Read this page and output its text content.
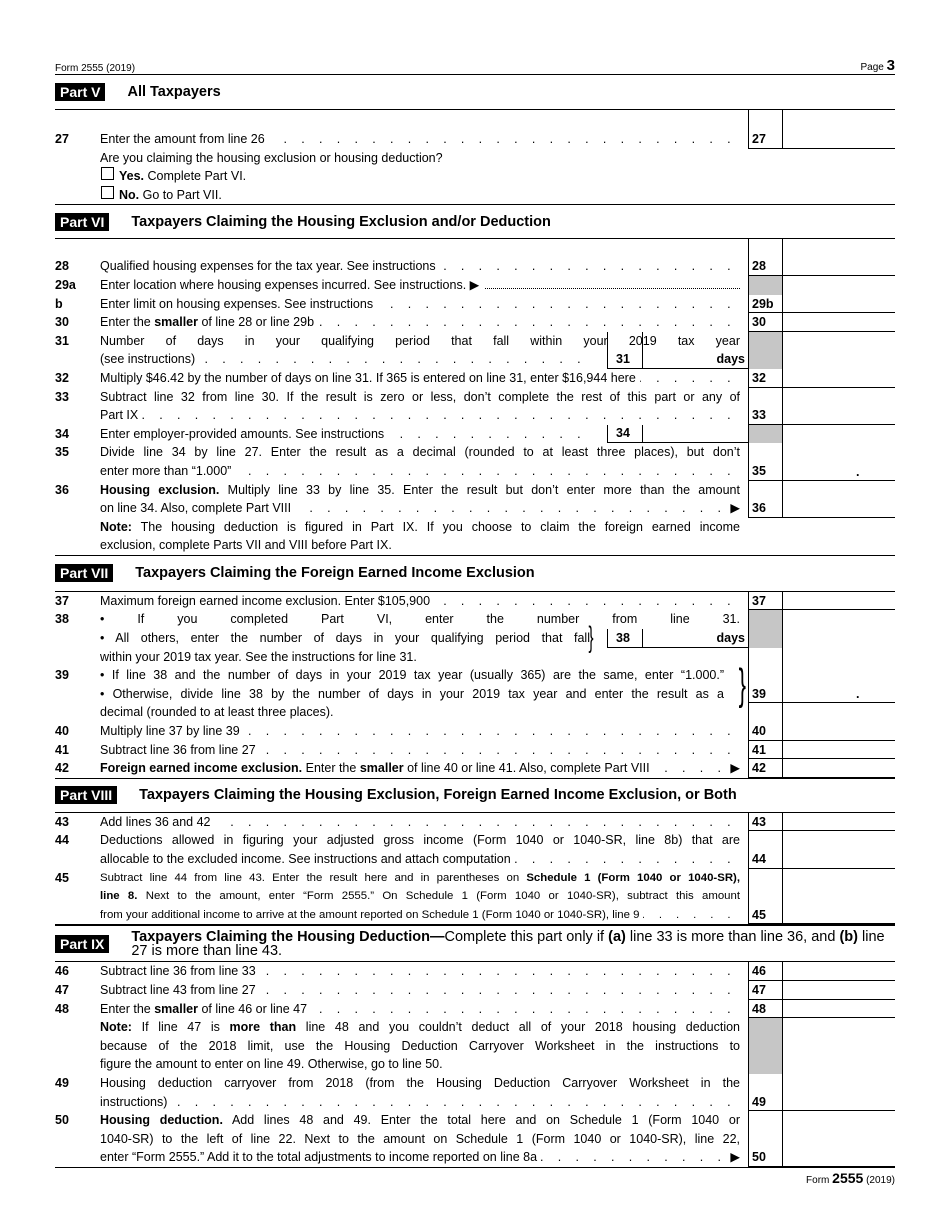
Form 2555 (2019)	Page 3
Part V	All Taxpayers
27	Enter the amount from line 26 . . .	27
Are you claiming the housing exclusion or housing deduction?
Yes. Complete Part VI.
No. Go to Part VII.
Part VI	Taxpayers Claiming the Housing Exclusion and/or Deduction
28	Qualified housing expenses for the tax year. See instructions . . .	28
29a	Enter location where housing expenses incurred. See instructions. ▶
b	Enter limit on housing expenses. See instructions . . .	29b
30	Enter the smaller of line 28 or line 29b . . .	30
31	Number of days in your qualifying period that fall within your 2019 tax year
(see instructions) . . .	31	days
32	Multiply $46.42 by the number of days on line 31. If 365 is entered on line 31, enter $16,944 here . . .	32
33	Subtract line 32 from line 30. If the result is zero or less, don’t complete the rest of this part or any of
Part IX . . .	33
34	Enter employer-provided amounts. See instructions . . .	34
35	Divide line 34 by line 27. Enter the result as a decimal (rounded to at least three places), but don’t
enter more than “1.000” . . .	35	.
36	Housing exclusion. Multiply line 33 by line 35. Enter the result but don’t enter more than the amount
on line 34. Also, complete Part VIII . . .	▶ 36
Note: The housing deduction is figured in Part IX. If you choose to claim the foreign earned income
exclusion, complete Parts VII and VIII before Part IX.
Part VII	Taxpayers Claiming the Foreign Earned Income Exclusion
37	Maximum foreign earned income exclusion. Enter $105,900 . . .	37
38	• If you completed Part VI, enter the number from line 31.
• All others, enter the number of days in your qualifying period that fall
within your 2019 tax year. See the instructions for line 31.
38	days
}
39	• If line 38 and the number of days in your 2019 tax year (usually 365) are the same, enter “1.000.”
• Otherwise, divide line 38 by the number of days in your 2019 tax year and enter the result as a
decimal (rounded to at least three places).
} 39	.
40	Multiply line 37 by line 39 . . .	40
41	Subtract line 36 from line 27 . . .	41
42	Foreign earned income exclusion. Enter the smaller of line 40 or line 41. Also, complete Part VIII . . .	▶ 42
Part VIII	Taxpayers Claiming the Housing Exclusion, Foreign Earned Income Exclusion, or Both
43	Add lines 36 and 42 . . .	43
44	Deductions allowed in figuring your adjusted gross income (Form 1040 or 1040-SR, line 8b) that are
allocable to the excluded income. See instructions and attach computation . . .	44
45	Subtract line 44 from line 43. Enter the result here and in parentheses on Schedule 1 (Form 1040 or 1040-SR),
line 8. Next to the amount, enter “Form 2555.” On Schedule 1 (Form 1040 or 1040-SR), subtract this amount
from your additional income to arrive at the amount reported on Schedule 1 (Form 1040 or 1040-SR), line 9 . . .	45
Part IX	Taxpayers Claiming the Housing Deduction—Complete this part only if (a) line 33 is more than line 36, and (b) line 27 is more than line 43.
46	Subtract line 36 from line 33 . . .	46
47	Subtract line 43 from line 27 . . .	47
48	Enter the smaller of line 46 or line 47 . . .	48
Note: If line 47 is more than line 48 and you couldn’t deduct all of your 2018 housing deduction
because of the 2018 limit, use the Housing Deduction Carryover Worksheet in the instructions to
figure the amount to enter on line 49. Otherwise, go to line 50.
49	Housing deduction carryover from 2018 (from the Housing Deduction Carryover Worksheet in the
instructions) . . .	49
50	Housing deduction. Add lines 48 and 49. Enter the total here and on Schedule 1 (Form 1040 or
1040-SR) to the left of line 22. Next to the amount on Schedule 1 (Form 1040 or 1040-SR), line 22,
enter “Form 2555.” Add it to the total adjustments to income reported on line 8a . . .	▶ 50
Form 2555 (2019)
